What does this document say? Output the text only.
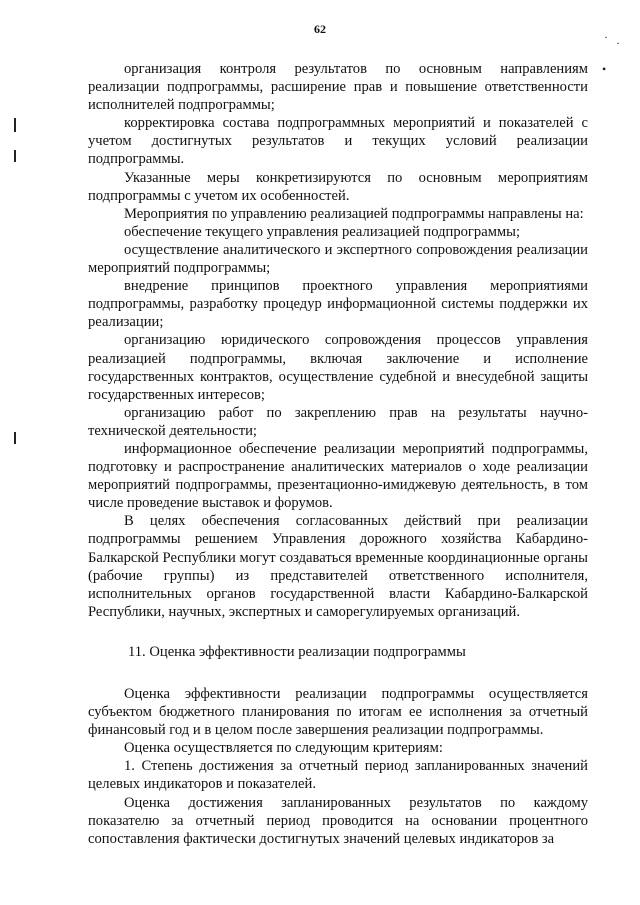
62
· ·
•

организация контроля результатов по основным направлениям реализации подпрограммы, расширение прав и повышение ответственности исполнителей подпрограммы;

корректировка состава подпрограммных мероприятий и показателей с учетом достигнутых результатов и текущих условий реализации подпрограммы.

Указанные меры конкретизируются по основным мероприятиям подпрограммы с учетом их особенностей.

Мероприятия по управлению реализацией подпрограммы направлены на:

обеспечение текущего управления реализацией подпрограммы;

осуществление аналитического и экспертного сопровождения реализации мероприятий подпрограммы;

внедрение принципов проектного управления мероприятиями подпрограммы, разработку процедур информационной системы поддержки их реализации;

организацию юридического сопровождения процессов управления реализацией подпрограммы, включая заключение и исполнение государственных контрактов, осуществление судебной и внесудебной защиты государственных интересов;

организацию работ по закреплению прав на результаты научно-технической деятельности;

информационное обеспечение реализации мероприятий подпрограммы, подготовку и распространение аналитических материалов о ходе реализации мероприятий подпрограммы, презентационно-имиджевую деятельность, в том числе проведение выставок и форумов.

В целях обеспечения согласованных действий при реализации подпрограммы решением Управления дорожного хозяйства Кабардино-Балкарской Республики могут создаваться временные координационные органы (рабочие группы) из представителей ответственного исполнителя, исполнительных органов государственной власти Кабардино-Балкарской Республики, научных, экспертных и саморегулируемых организаций.

11. Оценка эффективности реализации подпрограммы

Оценка эффективности реализации подпрограммы осуществляется субъектом бюджетного планирования по итогам ее исполнения за отчетный финансовый год и в целом после завершения реализации подпрограммы.

Оценка осуществляется по следующим критериям:

1. Степень достижения за отчетный период запланированных значений целевых индикаторов и показателей.

Оценка достижения запланированных результатов по каждому показателю за отчетный период проводится на основании процентного сопоставления фактически достигнутых значений целевых индикаторов за
